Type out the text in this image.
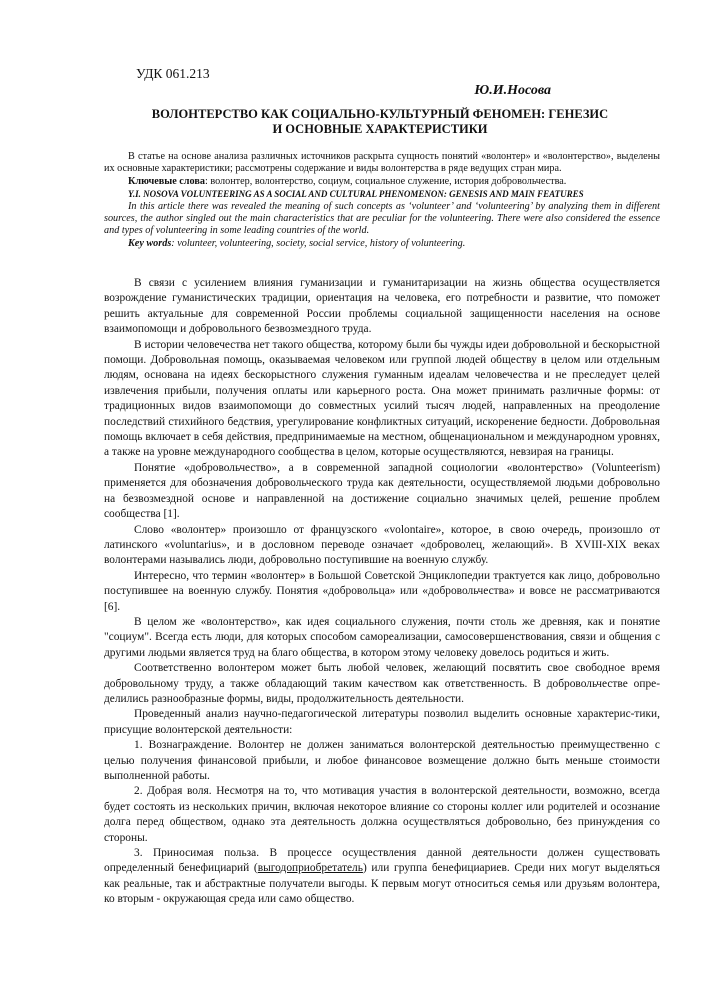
УДК 061.213
Ю.И.Носова
ВОЛОНТЕРСТВО КАК СОЦИАЛЬНО-КУЛЬТУРНЫЙ ФЕНОМЕН: ГЕНЕЗИС
И ОСНОВНЫЕ ХАРАКТЕРИСТИКИ

В статье на основе анализа различных источников раскрыта сущность понятий «волонтер» и «волонтерство», выделены их основные характеристики; рассмотрены содержание и виды волонтерства в ряде ведущих стран мира.

Ключевые слова: волонтер, волонтерство, социум, социальное служение, история добровольчества.

Y.I. NOSOVA VOLUNTEERING AS A SOCIAL AND CULTURAL PHENOMENON: GENESIS AND MAIN FEATURES

In this article there was revealed the meaning of such concepts as ‘volunteer’ and ‘volunteering’ by analyzing them in different sources, the author singled out the main characteristics that are peculiar for the volunteering. There were also considered the essence and types of volunteering in some leading countries of the world.

Key words: volunteer, volunteering, society, social service, history of volunteering.

В связи с усилением влияния гуманизации и гуманитаризации на жизнь общества осуществляется возрождение гуманистических традиции, ориентация на человека, его потребности и развитие, что поможет решить актуальные для современной России проблемы социальной защищенности населения на основе взаимопомощи и добровольного безвозмездного труда.

В истории человечества нет такого общества, которому были бы чужды идеи добровольной и бескорыстной помощи. Добровольная помощь, оказываемая человеком или группой людей обществу в целом или отдельным людям, основана на идеях бескорыстного служения гуманным идеалам человечества и не преследует целей извлечения прибыли, получения оплаты или карьерного роста. Она может принимать различные формы: от традиционных видов взаимопомощи до совместных усилий тысяч людей, направленных на преодоление последствий стихийного бедствия, урегулирование конфликтных ситуаций, искоренение бедности. Добровольная помощь включает в себя действия, предпринимаемые на местном, общенациональном и международном уровнях, а также на уровне международного сообщества в целом, которые осуществляются, невзирая на границы.

Понятие «добровольчество», а в современной западной социологии «волонтерство» (Volunteerism) применяется для обозначения добровольческого труда как деятельности, осуществляемой людьми добровольно на безвозмездной основе и направленной на достижение социально значимых целей, решение проблем сообщества [1].

Слово «волонтер» произошло от французского «volontaire», которое, в свою очередь, произошло от латинского «voluntarius», и в дословном переводе означает «доброволец, желающий». В XVIII-XIX веках волонтерами назывались люди, добровольно поступившие на военную службу.

Интересно, что термин «волонтер» в Большой Советской Энциклопедии трактуется как лицо, добровольно поступившее на военную службу. Понятия «добровольца» или «добровольчества» и вовсе не рассматриваются [6].

В целом же «волонтерство», как идея социального служения, почти столь же древняя, как и понятие "социум". Всегда есть люди, для которых способом самореализации, самосовершенствования, связи и общения с другими людьми является труд на благо общества, в котором этому человеку довелось родиться и жить.

Соответственно волонтером может быть любой человек, желающий посвятить свое свободное время добровольному труду, а также обладающий таким качеством как ответственность. В добровольчестве опре-делились разнообразные формы, виды, продолжительность деятельности.

Проведенный анализ научно-педагогической литературы позволил выделить основные характерис-тики, присущие волонтерской деятельности:

1. Вознаграждение. Волонтер не должен заниматься волонтерской деятельностью преимущественно с целью получения финансовой прибыли, и любое финансовое возмещение должно быть меньше стоимости выполненной работы.

2. Добрая воля. Несмотря на то, что мотивация участия в волонтерской деятельности, возможно, всегда будет состоять из нескольких причин, включая некоторое влияние со стороны коллег или родителей и осознание долга перед обществом, однако эта деятельность должна осуществляться добровольно, без принуждения со стороны.

3. Приносимая польза. В процессе осуществления данной деятельности должен существовать определенный бенефициарий (выгодоприобретатель) или группа бенефициариев. Среди них могут выделяться как реальные, так и абстрактные получатели выгоды. К первым могут относиться семья или друзьям волонтера, ко вторым - окружающая среда или само общество.
